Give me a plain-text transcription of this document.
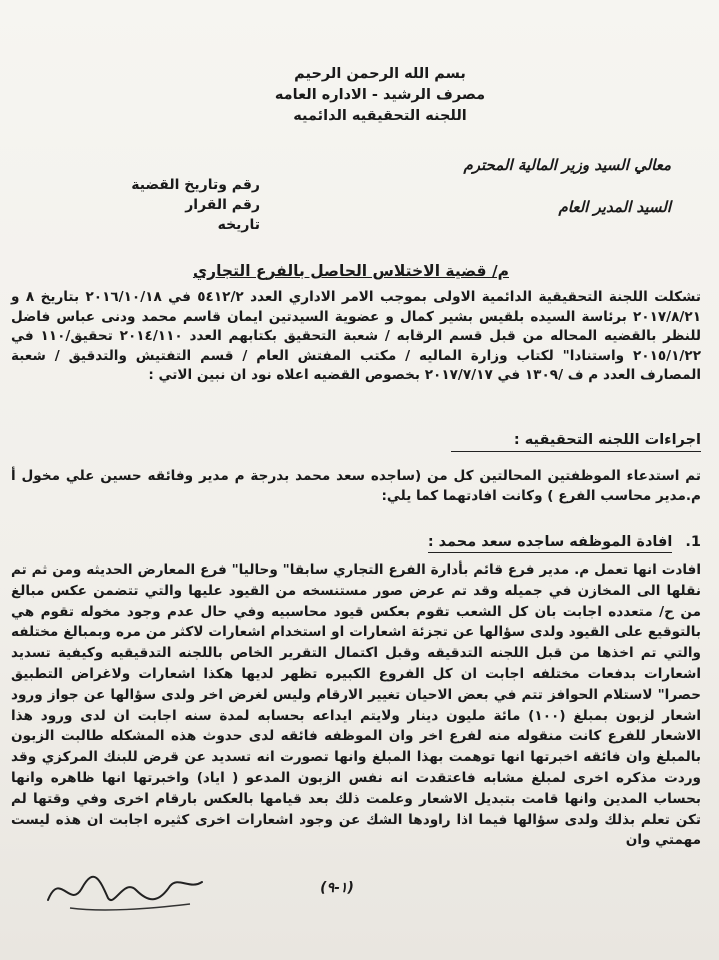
بسم الله الرحمن الرحيم
مصرف الرشيد - الاداره العامه
اللجنه التحقيقيه الدائميه
معالي السيد وزير المالية المحترم
السيد المدير العام
رقم وتاريخ القضية
رقم القرار
تاريخه
م/ قضية الاختلاس الحاصل بالفرع التجاري
تشكلت اللجنة التحقيقية الدائمية الاولى بموجب الامر الاداري العدد ٥٤١٢/٢ في ٢٠١٦/١٠/١٨ بتاريخ ٨ و ٢٠١٧/٨/٢١ برئاسة السيده بلقيس بشير كمال و عضوية السيدتين ايمان قاسم محمد ودنى عباس فاضل للنظر بالقضيه المحاله من قبل قسم الرقابه / شعبة التحقيق بكتابهم العدد ٢٠١٤/١١٠ تحقيق/١١٠ في ٢٠١٥/١/٢٢ واستنادا" لكتاب وزارة الماليه / مكتب المفتش العام / قسم التفتيش والتدقيق / شعبة المصارف العدد م ف /١٣٠٩ في ٢٠١٧/٧/١٧ بخصوص القضيه اعلاه نود ان نبين الاتي :
اجراءات اللجنه التحقيقيه :
تم استدعاء الموظفتين المحالتين كل من (ساجده سعد محمد بدرجة م مدير وفائقه حسين علي مخول أ م.مدير محاسب الفرع ) وكانت افادتهما كما يلي:
1. افادة الموظفه ساجده سعد محمد :
افادت انها تعمل م. مدير فرع قائم بأدارة الفرع التجاري سابقا" وحاليا" فرع المعارض الحديثه ومن ثم تم نقلها الى المخازن في جميله وقد تم عرض صور مستنسخه من القيود عليها والتي تتضمن عكس مبالغ من ح/ متعدده اجابت بان كل الشعب تقوم بعكس قيود محاسبيه وفي حال عدم وجود مخوله تقوم هي بالتوقيع على القيود ولدى سؤالها عن تجزئة اشعارات او استخدام اشعارات لاكثر من مره وبمبالغ مختلفه والتي تم اخذها من قبل اللجنه التدقيقه وقبل اكتمال التقرير الخاص باللجنه التدقيقيه وكيفية تسديد اشعارات بدفعات مختلفه اجابت ان كل الفروع الكبيره تظهر لديها هكذا اشعارات ولاغراض التطبيق حصرا" لاستلام الحوافز تتم في بعض الاحيان تغيير الارقام وليس لغرض اخر ولدى سؤالها عن جواز ورود اشعار لزبون بمبلغ (١٠٠) مائة مليون دينار ولايتم ايداعه بحسابه لمدة سنه اجابت ان لدى ورود هذا الاشعار للفرع كانت منقوله منه لفرع اخر وان الموظفه فائقه لدى حدوث هذه المشكله طالبت الزبون بالمبلغ وان فائقه اخبرتها انها توهمت بهذا المبلغ وانها تصورت انه تسديد عن قرض للبنك المركزي وقد وردت مذكره اخرى لمبلغ مشابه فاعتقدت انه نفس الزبون المدعو ( اياد) واخبرتها انها ظاهره وانها بحساب المدين وانها قامت بتبديل الاشعار وعلمت ذلك بعد قيامها بالعكس بارقام اخرى وفي وقتها لم تكن تعلم بذلك ولدى سؤالها فيما اذا راودها الشك عن وجود اشعارات اخرى كثيره اجابت ان هذه ليست مهمتي وان
(١-٩)
